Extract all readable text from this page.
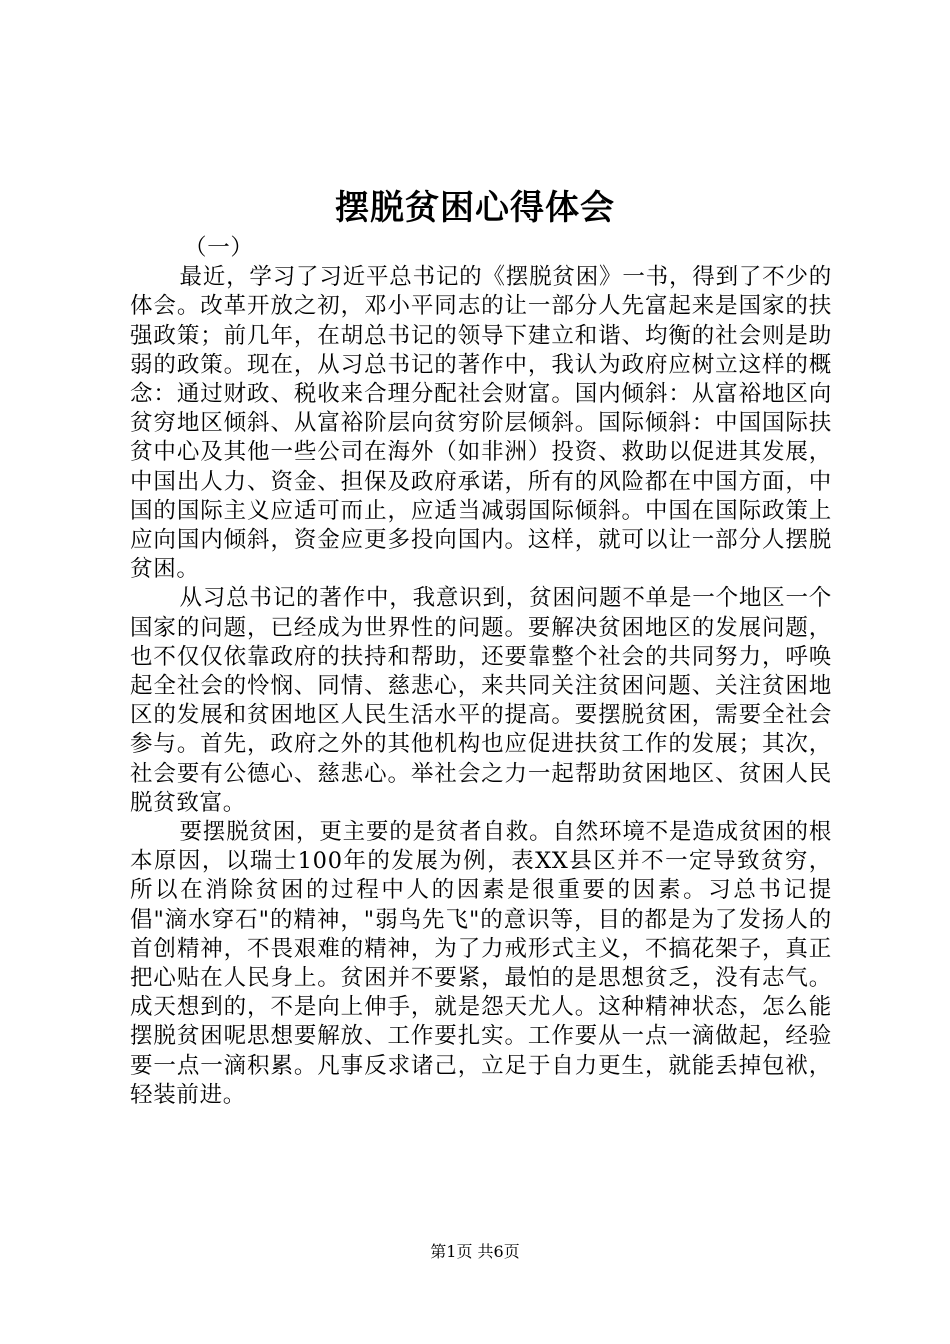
摆脱贫困心得体会

（一）

最近，学习了习近平总书记的《摆脱贫困》一书，得到了不少的体会。改革开放之初，邓小平同志的让一部分人先富起来是国家的扶强政策；前几年，在胡总书记的领导下建立和谐、均衡的社会则是助弱的政策。现在，从习总书记的著作中，我认为政府应树立这样的概念：通过财政、税收来合理分配社会财富。国内倾斜：从富裕地区向贫穷地区倾斜、从富裕阶层向贫穷阶层倾斜。国际倾斜：中国国际扶贫中心及其他一些公司在海外（如非洲）投资、救助以促进其发展，中国出人力、资金、担保及政府承诺，所有的风险都在中国方面，中国的国际主义应适可而止，应适当减弱国际倾斜。中国在国际政策上应向国内倾斜，资金应更多投向国内。这样，就可以让一部分人摆脱贫困。

从习总书记的著作中，我意识到，贫困问题不单是一个地区一个国家的问题，已经成为世界性的问题。要解决贫困地区的发展问题，也不仅仅依靠政府的扶持和帮助，还要靠整个社会的共同努力，呼唤起全社会的怜悯、同情、慈悲心，来共同关注贫困问题、关注贫困地区的发展和贫困地区人民生活水平的提高。要摆脱贫困，需要全社会参与。首先，政府之外的其他机构也应促进扶贫工作的发展；其次，社会要有公德心、慈悲心。举社会之力一起帮助贫困地区、贫困人民脱贫致富。

要摆脱贫困，更主要的是贫者自救。自然环境不是造成贫困的根本原因，以瑞士100年的发展为例，表XX县区并不一定导致贫穷，所以在消除贫困的过程中人的因素是很重要的因素。习总书记提倡"滴水穿石"的精神，"弱鸟先飞"的意识等，目的都是为了发扬人的首创精神，不畏艰难的精神，为了力戒形式主义，不搞花架子，真正把心贴在人民身上。贫困并不要紧，最怕的是思想贫乏，没有志气。成天想到的，不是向上伸手，就是怨天尤人。这种精神状态，怎么能摆脱贫困呢思想要解放、工作要扎实。工作要从一点一滴做起，经验要一点一滴积累。凡事反求诸己，立足于自力更生，就能丢掉包袱，轻装前进。

第1页 共6页
